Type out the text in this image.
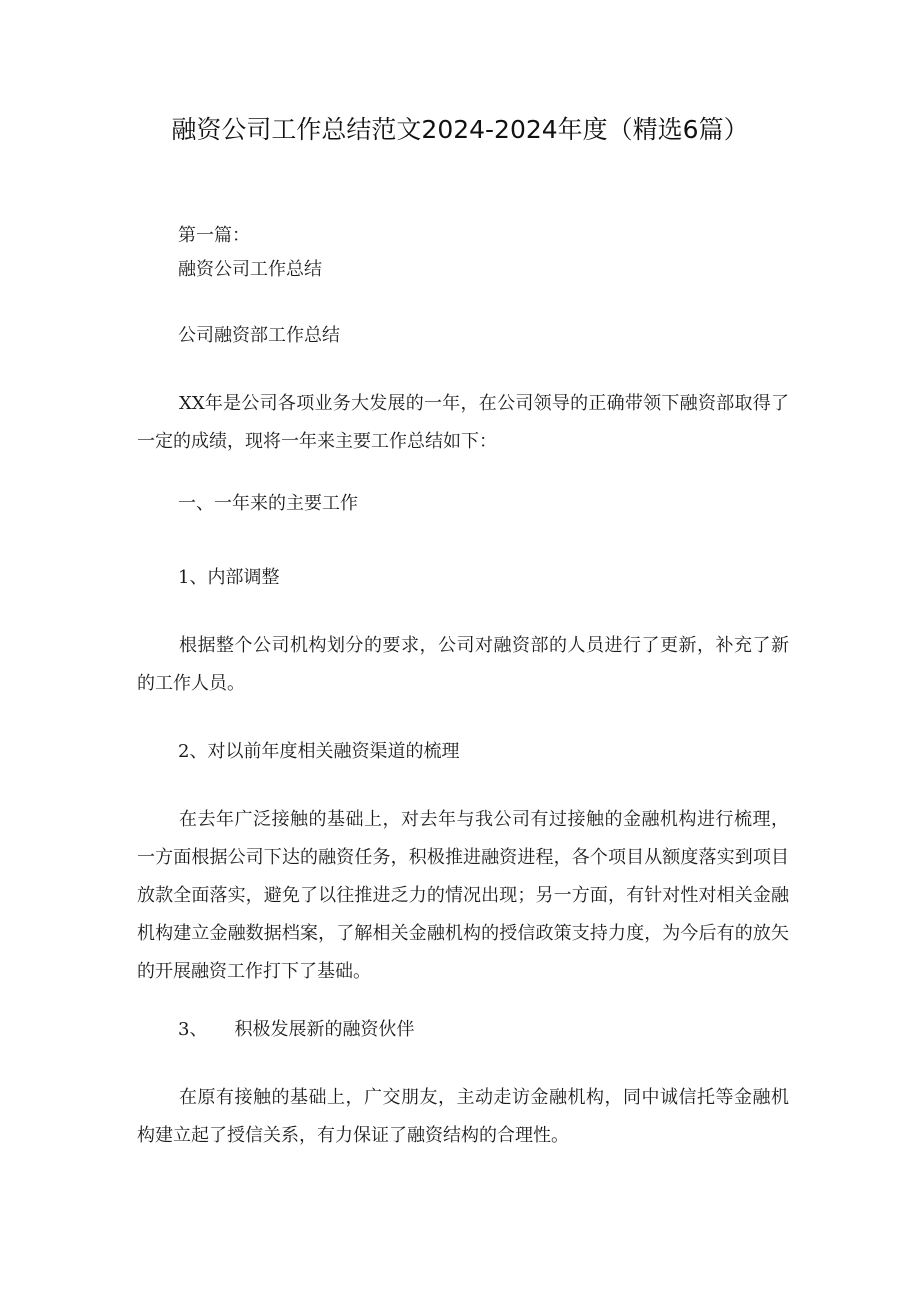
融资公司工作总结范文2024-2024年度（精选6篇）
第一篇：
融资公司工作总结
公司融资部工作总结
XX年是公司各项业务大发展的一年，在公司领导的正确带领下融资部取得了一定的成绩，现将一年来主要工作总结如下：
一、一年来的主要工作
1、内部调整
根据整个公司机构划分的要求，公司对融资部的人员进行了更新，补充了新的工作人员。
2、对以前年度相关融资渠道的梳理
在去年广泛接触的基础上，对去年与我公司有过接触的金融机构进行梳理，一方面根据公司下达的融资任务，积极推进融资进程，各个项目从额度落实到项目放款全面落实，避免了以往推进乏力的情况出现；另一方面，有针对性对相关金融机构建立金融数据档案，了解相关金融机构的授信政策支持力度，为今后有的放矢的开展融资工作打下了基础。
3、　　积极发展新的融资伙伴
在原有接触的基础上，广交朋友，主动走访金融机构，同中诚信托等金融机构建立起了授信关系，有力保证了融资结构的合理性。
